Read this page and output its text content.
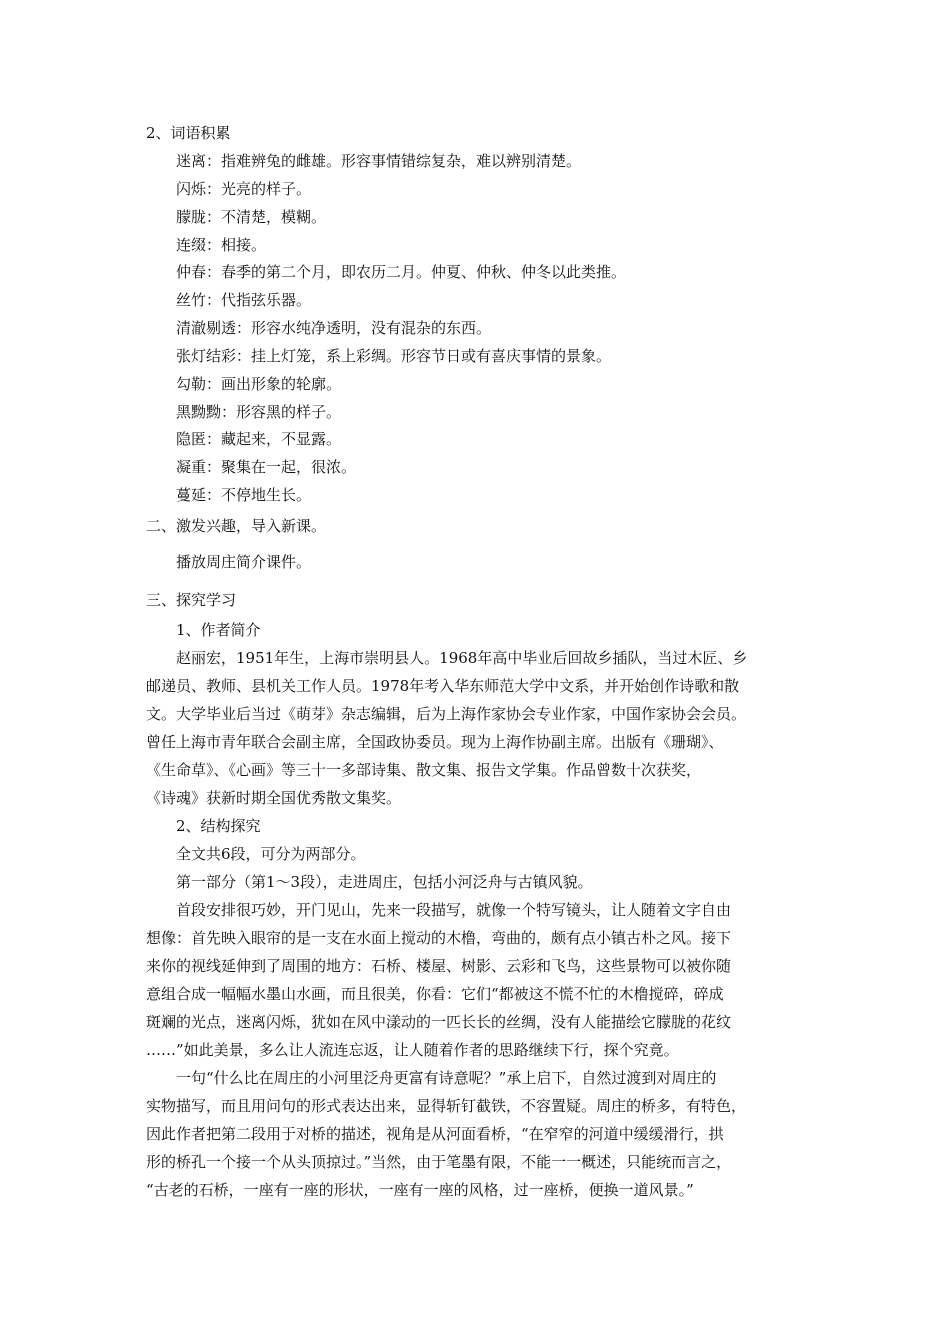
2、词语积累
迷离：指难辨兔的雌雄。形容事情错综复杂，难以辨别清楚。
闪烁：光亮的样子。
朦胧：不清楚，模糊。
连缀：相接。
仲春：春季的第二个月，即农历二月。仲夏、仲秋、仲冬以此类推。
丝竹：代指弦乐器。
清澈剔透：形容水纯净透明，没有混杂的东西。
张灯结彩：挂上灯笼，系上彩绸。形容节日或有喜庆事情的景象。
勾勒：画出形象的轮廓。
黑黝黝：形容黑的样子。
隐匿：藏起来，不显露。
凝重：聚集在一起，很浓。
蔓延：不停地生长。
二、激发兴趣，导入新课。
播放周庄简介课件。
三、探究学习
1、作者简介
赵丽宏，1951年生，上海市崇明县人。1968年高中毕业后回故乡插队，当过木匠、乡
邮递员、教师、县机关工作人员。1978年考入华东师范大学中文系，并开始创作诗歌和散
文。大学毕业后当过《萌芽》杂志编辑，后为上海作家协会专业作家，中国作家协会会员。
曾任上海市青年联合会副主席，全国政协委员。现为上海作协副主席。出版有《珊瑚》、
《生命草》、《心画》等三十一多部诗集、散文集、报告文学集。作品曾数十次获奖，
《诗魂》获新时期全国优秀散文集奖。
2、结构探究
全文共6段，可分为两部分。
第一部分（第1～3段），走进周庄，包括小河泛舟与古镇风貌。
首段安排很巧妙，开门见山，先来一段描写，就像一个特写镜头，让人随着文字自由
想像：首先映入眼帘的是一支在水面上搅动的木橹，弯曲的，颇有点小镇古朴之风。接下
来你的视线延伸到了周围的地方：石桥、楼屋、树影、云彩和飞鸟，这些景物可以被你随
意组合成一幅幅水墨山水画，而且很美，你看：它们“都被这不慌不忙的木橹搅碎，碎成
斑斓的光点，迷离闪烁，犹如在风中漾动的一匹长长的丝绸，没有人能描绘它朦胧的花纹
……”如此美景，多么让人流连忘返，让人随着作者的思路继续下行，探个究竟。
一句“什么比在周庄的小河里泛舟更富有诗意呢？”承上启下，自然过渡到对周庄的
实物描写，而且用问句的形式表达出来，显得斩钉截铁，不容置疑。周庄的桥多，有特色，
因此作者把第二段用于对桥的描述，视角是从河面看桥，“在窄窄的河道中缓缓滑行，拱
形的桥孔一个接一个从头顶掠过。”当然，由于笔墨有限，不能一一概述，只能统而言之，
“古老的石桥，一座有一座的形状，一座有一座的风格，过一座桥，便换一道风景。”
